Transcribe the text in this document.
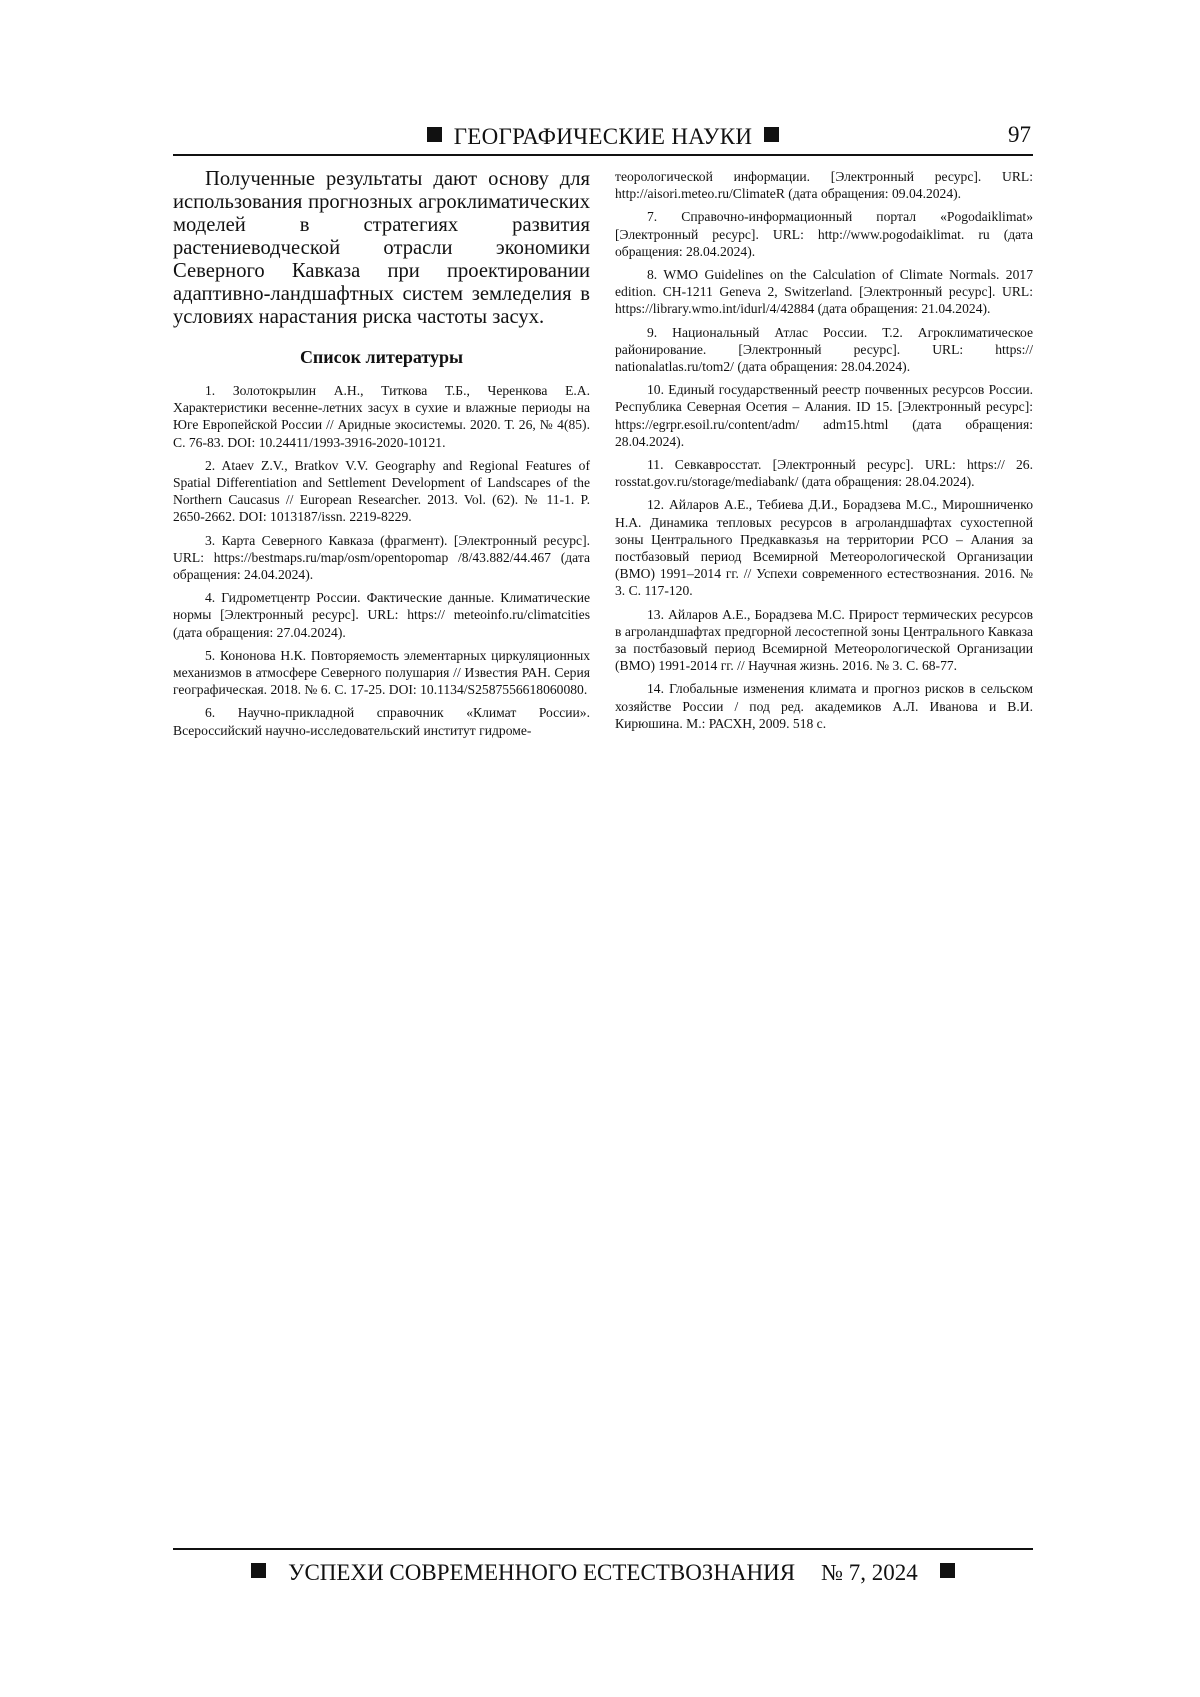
ГЕОГРАФИЧЕСКИЕ НАУКИ	97

Полученные результаты дают основу для использования прогнозных агроклиматических моделей в стратегиях развития растениеводческой отрасли экономики Северного Кавказа при проектировании адаптивно-ландшафтных систем земледелия в условиях нарастания риска частоты засух.

Список литературы

1. Золотокрылин А.Н., Титкова Т.Б., Черенкова Е.А. Характеристики весенне-летних засух в сухие и влажные периоды на Юге Европейской России // Аридные экосистемы. 2020. Т. 26, № 4(85). С. 76-83. DOI: 10.24411/1993-3916-2020-10121.

2. Ataev Z.V., Bratkov V.V. Geography and Regional Features of Spatial Differentiation and Settlement Development of Landscapes of the Northern Caucasus // European Researcher. 2013. Vol. (62). № 11-1. P. 2650-2662. DOI: 1013187/issn. 2219-8229.

3. Карта Северного Кавказа (фрагмент). [Электронный ресурс]. URL: https://bestmaps.ru/map/osm/opentopomap /8/43.882/44.467 (дата обращения: 24.04.2024).

4. Гидрометцентр России. Фактические данные. Климатические нормы [Электронный ресурс]. URL: https:// meteoinfo.ru/climatcities (дата обращения: 27.04.2024).

5. Кононова Н.К. Повторяемость элементарных циркуляционных механизмов в атмосфере Северного полушария // Известия РАН. Серия географическая. 2018. № 6. С. 17-25. DOI: 10.1134/S2587556618060080.

6. Научно-прикладной справочник «Климат России». Всероссийский научно-исследовательский институт гидроме-

теорологической информации. [Электронный ресурс]. URL: http://aisori.meteo.ru/ClimateR (дата обращения: 09.04.2024).

7. Справочно-информационный портал «Pogodaiklimat» [Электронный ресурс]. URL: http://www.pogodaiklimat. ru (дата обращения: 28.04.2024).

8. WMO Guidelines on the Calculation of Climate Normals. 2017 edition. CH-1211 Geneva 2, Switzerland. [Электронный ресурс]. URL: https://library.wmo.int/idurl/4/42884 (дата обращения: 21.04.2024).

9. Национальный Атлас России. Т.2. Агроклиматическое районирование. [Электронный ресурс]. URL: https:// nationalatlas.ru/tom2/ (дата обращения: 28.04.2024).

10. Единый государственный реестр почвенных ресурсов России. Республика Северная Осетия – Алания. ID 15. [Электронный ресурс]: https://egrpr.esoil.ru/content/adm/ adm15.html (дата обращения: 28.04.2024).

11. Севкавросстат. [Электронный ресурс]. URL: https:// 26. rosstat.gov.ru/storage/mediabank/ (дата обращения: 28.04.2024).

12. Айларов А.Е., Тебиева Д.И., Борадзева М.С., Мирошниченко Н.А. Динамика тепловых ресурсов в агроландшафтах сухостепной зоны Центрального Предкавказья на территории РСО – Алания за постбазовый период Всемирной Метеорологической Организации (ВМО) 1991–2014 гг. // Успехи современного естествознания. 2016. № 3. С. 117-120.

13. Айларов А.Е., Борадзева М.С. Прирост термических ресурсов в агроландшафтах предгорной лесостепной зоны Центрального Кавказа за постбазовый период Всемирной Метеорологической Организации (ВМО) 1991-2014 гг. // Научная жизнь. 2016. № 3. С. 68-77.

14. Глобальные изменения климата и прогноз рисков в сельском хозяйстве России / под ред. академиков А.Л. Иванова и В.И. Кирюшина. М.: РАСХН, 2009. 518 с.

УСПЕХИ СОВРЕМЕННОГО ЕСТЕСТВОЗНАНИЯ № 7, 2024
